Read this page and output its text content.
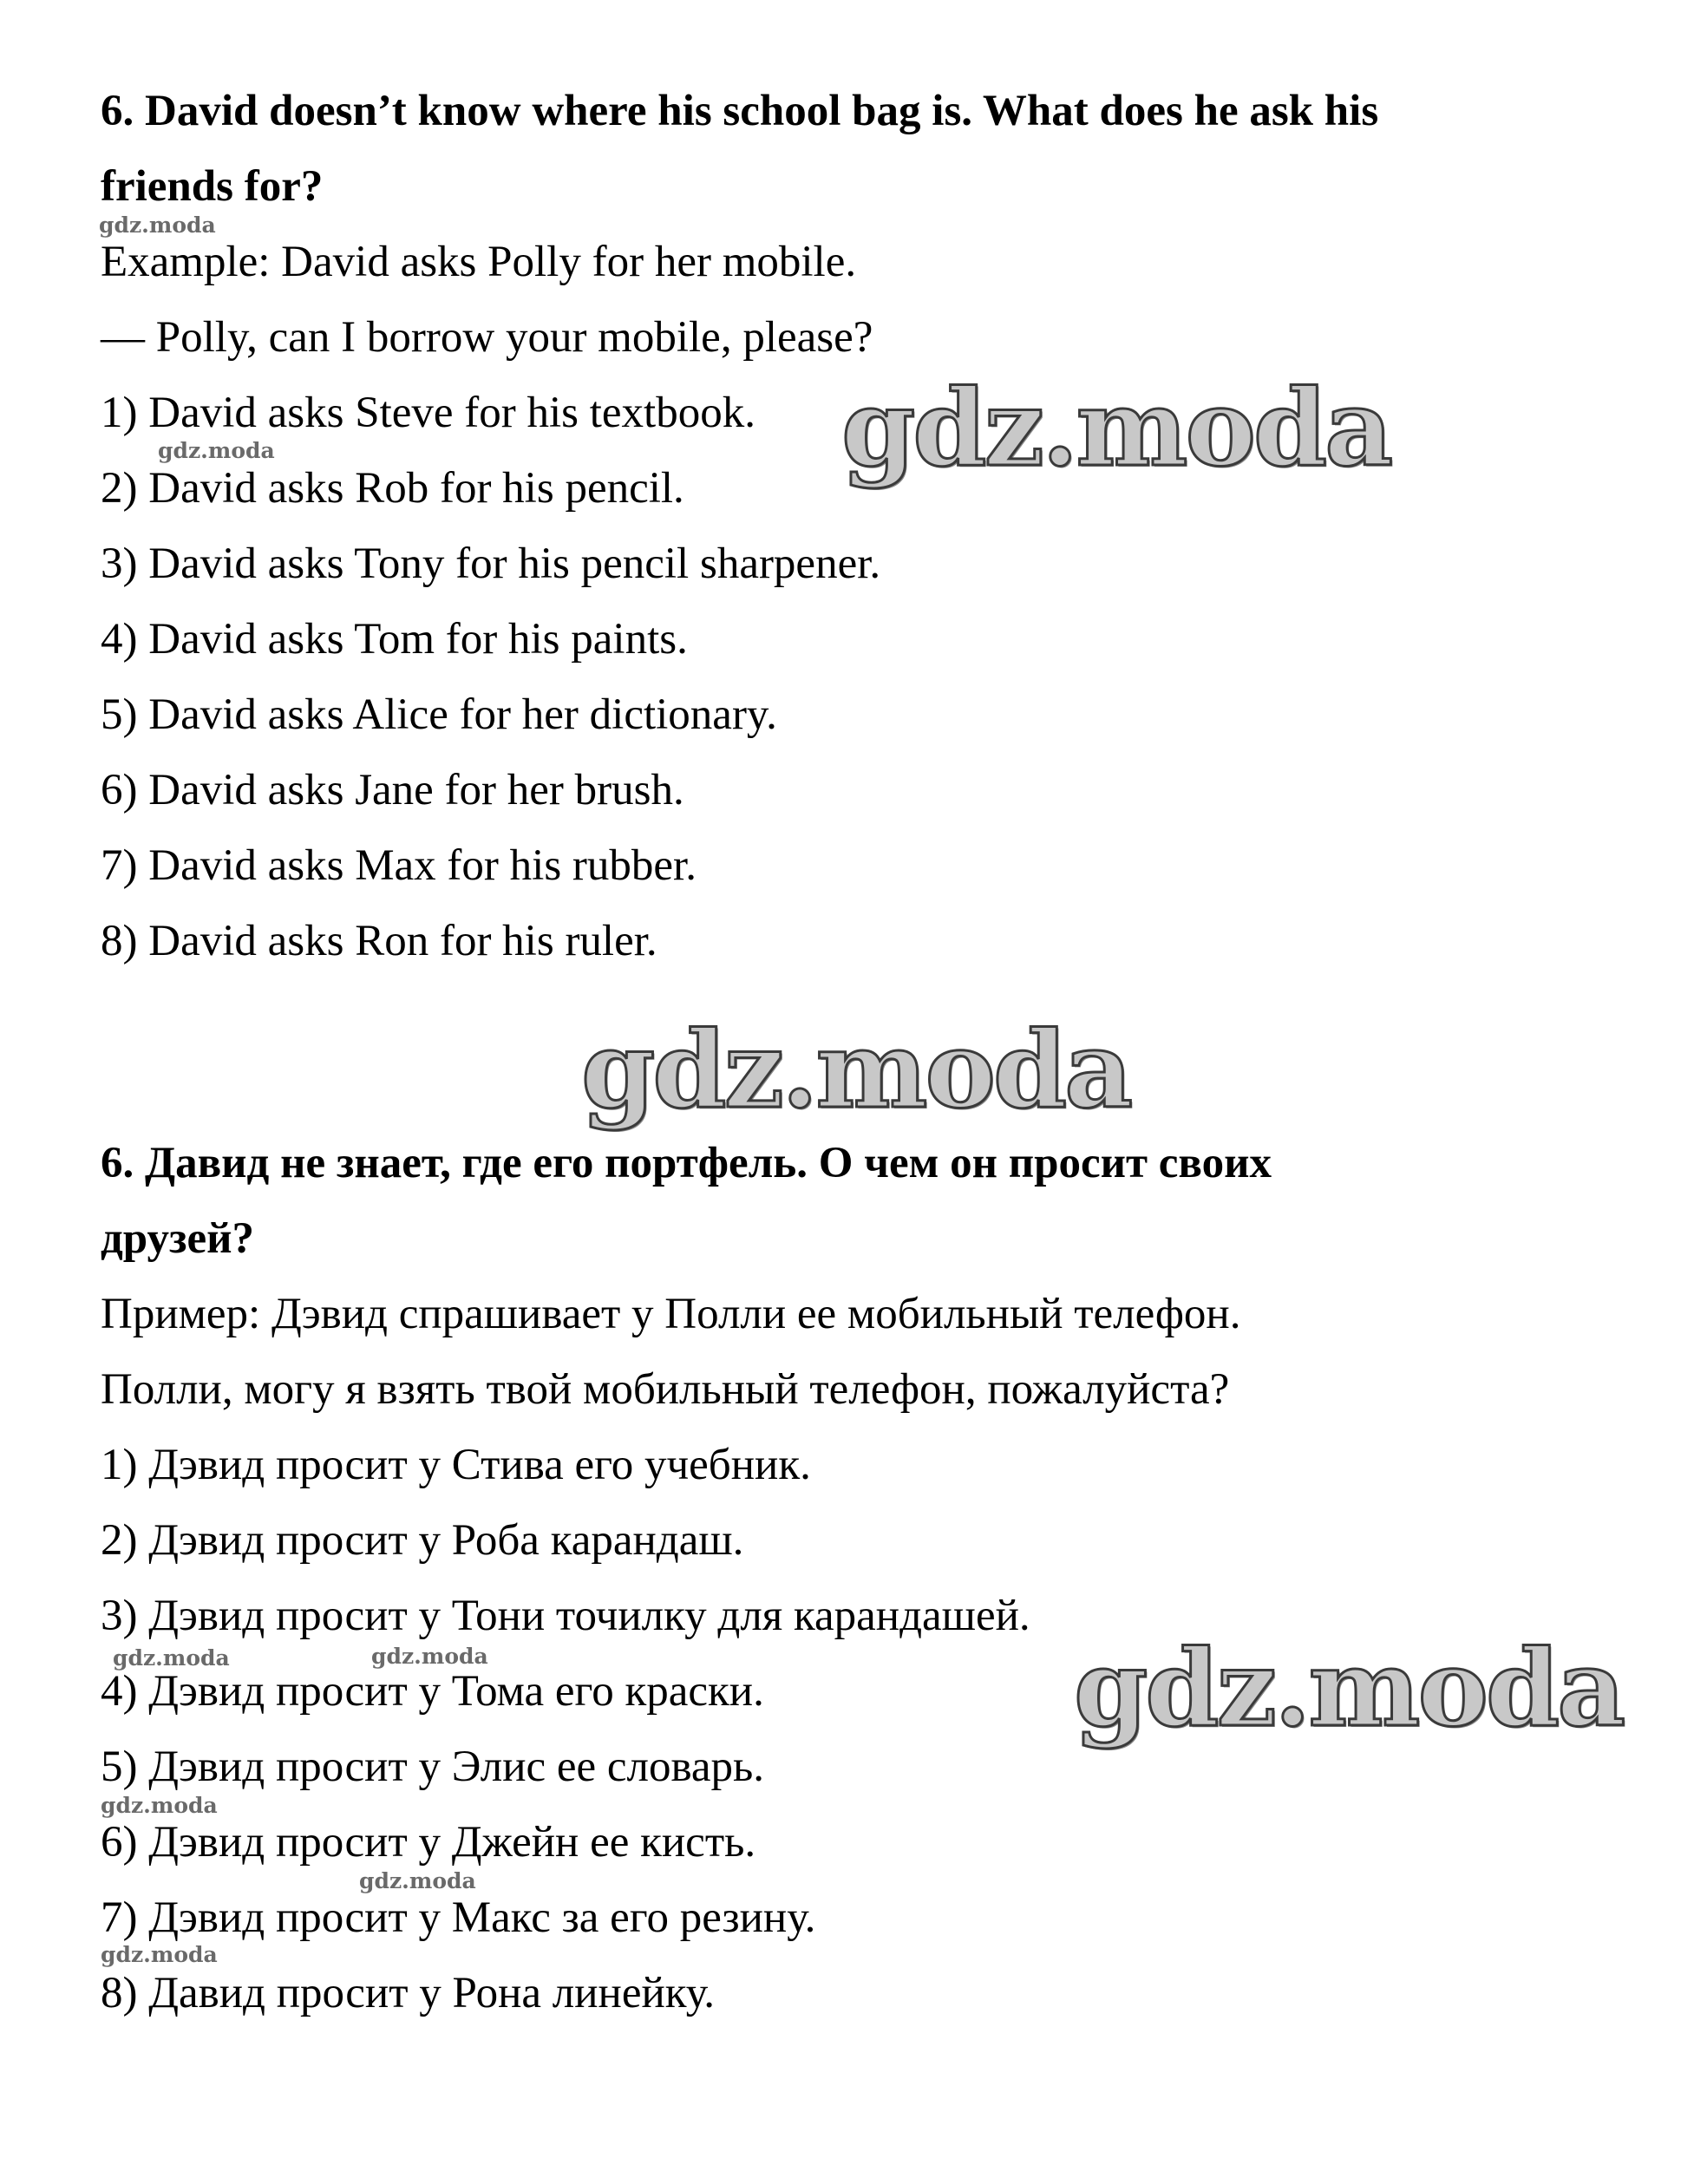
6. David doesn’t know where his school bag is. What does he ask his

friends for?

Example: David asks Polly for her mobile.

— Polly, can I borrow your mobile, please?

1) David asks Steve for his textbook.

2) David asks Rob for his pencil.

3) David asks Tony for his pencil sharpener.

4) David asks Tom for his paints.

5) David asks Alice for her dictionary.

6) David asks Jane for her brush.

7) David asks Max for his rubber.

8) David asks Ron for his ruler.

6. Давид не знает, где его портфель. О чем он просит своих

друзей?

Пример: Дэвид спрашивает у Полли ее мобильный телефон.

Полли, могу я взять твой мобильный телефон, пожалуйста?

1) Дэвид просит у Стива его учебник.

2) Дэвид просит у Роба карандаш.

3) Дэвид просит у Тони точилку для карандашей.

4) Дэвид просит у Тома его краски.

5) Дэвид просит у Элис ее словарь.

6) Дэвид просит у Джейн ее кисть.

7) Дэвид просит у Макс за его резину.

8) Давид просит у Рона линейку.

gdz.moda
gdz.moda
gdz.moda
gdz.moda
gdz.moda
gdz.moda	gdz.moda
gdz.moda
gdz.moda
gdz.moda
